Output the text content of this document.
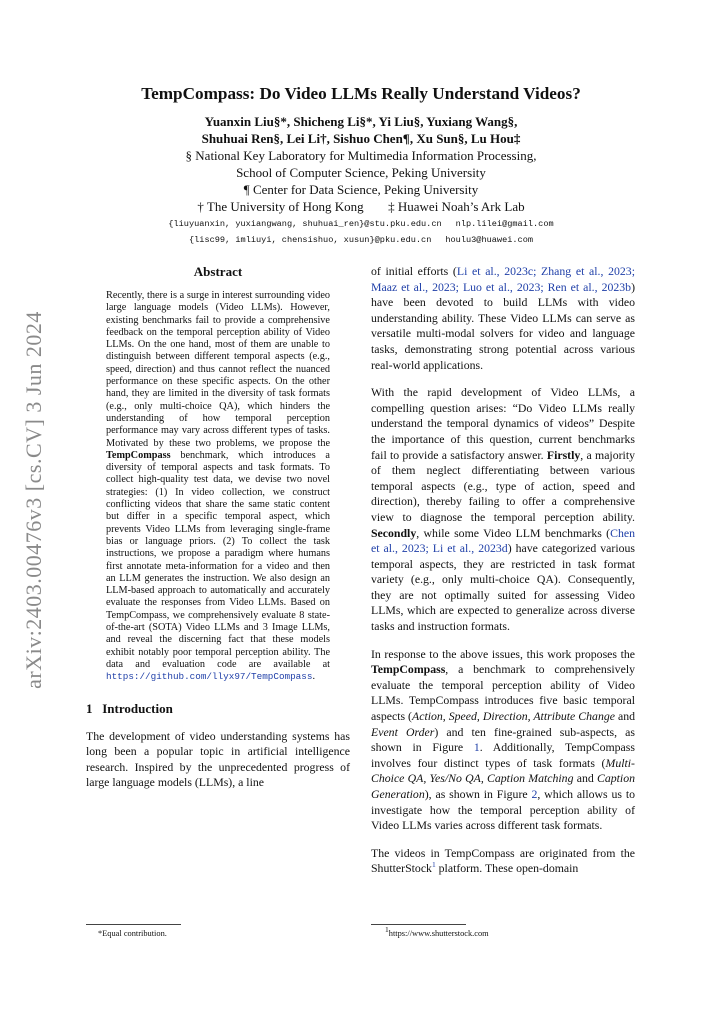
arXiv:2403.00476v3 [cs.CV] 3 Jun 2024
TempCompass: Do Video LLMs Really Understand Videos?
Yuanxin Liu§*, Shicheng Li§*, Yi Liu§, Yuxiang Wang§,
Shuhuai Ren§, Lei Li†, Sishuo Chen¶, Xu Sun§, Lu Hou‡
§ National Key Laboratory for Multimedia Information Processing,
School of Computer Science, Peking University
¶ Center for Data Science, Peking University
† The University of Hong Kong ‡ Huawei Noah’s Ark Lab
{liuyuanxin, yuxiangwang, shuhuai_ren}@stu.pku.edu.cn nlp.lilei@gmail.com
{lisc99, imliuyi, chensishuo, xusun}@pku.edu.cn houlu3@huawei.com
Abstract
Recently, there is a surge in interest surrounding video large language models (Video LLMs). However, existing benchmarks fail to provide a comprehensive feedback on the temporal perception ability of Video LLMs. On the one hand, most of them are unable to distinguish between different temporal aspects (e.g., speed, direction) and thus cannot reflect the nuanced performance on these specific aspects. On the other hand, they are limited in the diversity of task formats (e.g., only multi-choice QA), which hinders the understanding of how temporal perception performance may vary across different types of tasks. Motivated by these two problems, we propose the TempCompass benchmark, which introduces a diversity of temporal aspects and task formats. To collect high-quality test data, we devise two novel strategies: (1) In video collection, we construct conflicting videos that share the same static content but differ in a specific temporal aspect, which prevents Video LLMs from leveraging single-frame bias or language priors. (2) To collect the task instructions, we propose a paradigm where humans first annotate meta-information for a video and then an LLM generates the instruction. We also design an LLM-based approach to automatically and accurately evaluate the responses from Video LLMs. Based on TempCompass, we comprehensively evaluate 8 state-of-the-art (SOTA) Video LLMs and 3 Image LLMs, and reveal the discerning fact that these models exhibit notably poor temporal perception ability. The data and evaluation code are available at https://github.com/llyx97/TempCompass.
1 Introduction
The development of video understanding systems has long been a popular topic in artificial intelligence research. Inspired by the unprecedented progress of large language models (LLMs), a line
*Equal contribution.
of initial efforts (Li et al., 2023c; Zhang et al., 2023; Maaz et al., 2023; Luo et al., 2023; Ren et al., 2023b) have been devoted to build LLMs with video understanding ability. These Video LLMs can serve as versatile multi-modal solvers for video and language tasks, demonstrating strong potential across various real-world applications.
With the rapid development of Video LLMs, a compelling question arises: “Do Video LLMs really understand the temporal dynamics of videos” Despite the importance of this question, current benchmarks fail to provide a satisfactory answer. Firstly, a majority of them neglect differentiating between various temporal aspects (e.g., type of action, speed and direction), thereby failing to offer a comprehensive view to diagnose the temporal perception ability. Secondly, while some Video LLM benchmarks (Chen et al., 2023; Li et al., 2023d) have categorized various temporal aspects, they are restricted in task format variety (e.g., only multi-choice QA). Consequently, they are not optimally suited for assessing Video LLMs, which are expected to generalize across diverse tasks and instruction formats.
In response to the above issues, this work proposes the TempCompass, a benchmark to comprehensively evaluate the temporal perception ability of Video LLMs. TempCompass introduces five basic temporal aspects (Action, Speed, Direction, Attribute Change and Event Order) and ten fine-grained sub-aspects, as shown in Figure 1. Additionally, TempCompass involves four distinct types of task formats (Multi-Choice QA, Yes/No QA, Caption Matching and Caption Generation), as shown in Figure 2, which allows us to investigate how the temporal perception ability of Video LLMs varies across different task formats.
The videos in TempCompass are originated from the ShutterStock$^1$ platform. These open-domain
$^1$https://www.shutterstock.com
